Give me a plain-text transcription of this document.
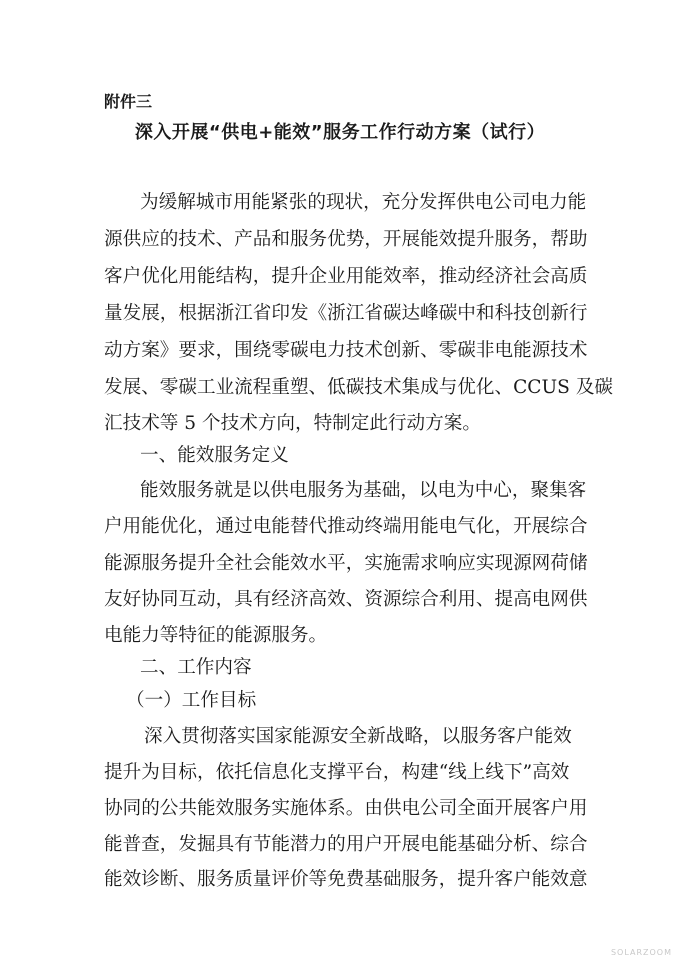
附件三

深入开展“供电+能效”服务工作行动方案（试行）

为缓解城市用能紧张的现状，充分发挥供电公司电力能

源供应的技术、产品和服务优势，开展能效提升服务，帮助

客户优化用能结构，提升企业用能效率，推动经济社会高质

量发展，根据浙江省印发《浙江省碳达峰碳中和科技创新行

动方案》要求，围绕零碳电力技术创新、零碳非电能源技术

发展、零碳工业流程重塑、低碳技术集成与优化、CCUS 及碳

汇技术等 5 个技术方向，特制定此行动方案。

一、能效服务定义

能效服务就是以供电服务为基础，以电为中心，聚集客

户用能优化，通过电能替代推动终端用能电气化，开展综合

能源服务提升全社会能效水平，实施需求响应实现源网荷储

友好协同互动，具有经济高效、资源综合利用、提高电网供

电能力等特征的能源服务。

二、工作内容

（一）工作目标

深入贯彻落实国家能源安全新战略，以服务客户能效

提升为目标，依托信息化支撑平台，构建“线上线下”高效

协同的公共能效服务实施体系。由供电公司全面开展客户用

能普查，发掘具有节能潜力的用户开展电能基础分析、综合

能效诊断、服务质量评价等免费基础服务，提升客户能效意

SOLARZOOM
